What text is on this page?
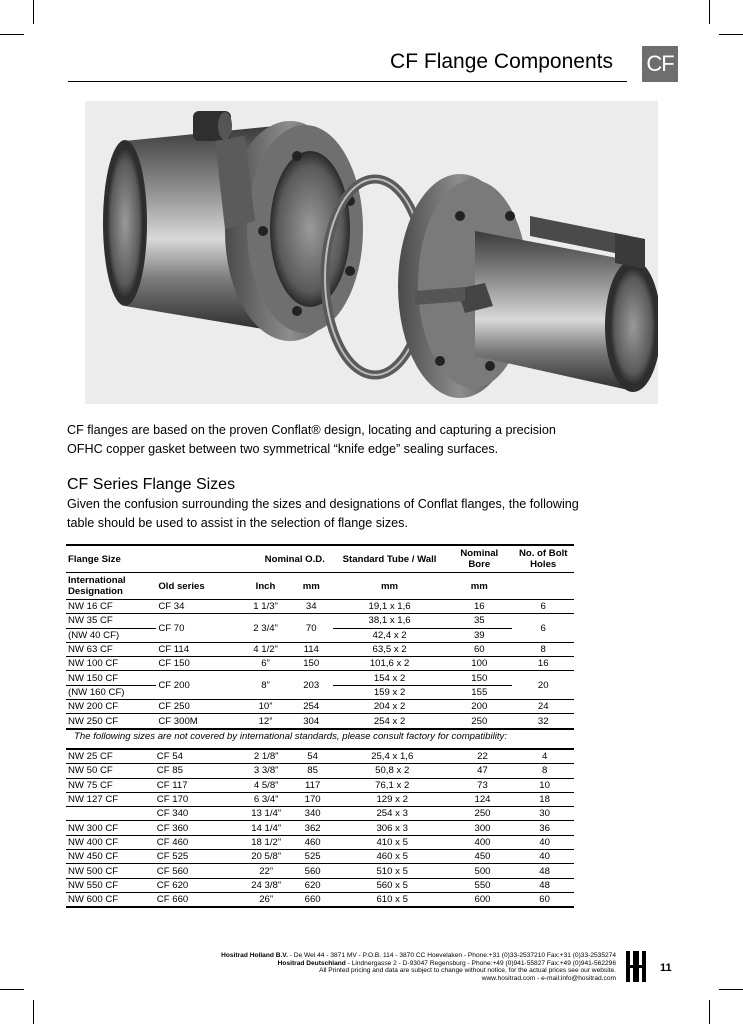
CF Flange Components CF
CF flanges are based on the proven Conflat® design, locating and capturing a precision
OFHC copper gasket between two symmetrical “knife edge” sealing surfaces.
CF Series Flange Sizes
Given the confusion surrounding the sizes and designations of Conflat flanges, the following
table should be used to assist in the selection of flange sizes.
Flange Size		Nominal O.D.		Standard Tube / Wall	Nominal Bore	No. of Bolt Holes

International Designation	Old series	Inch	mm	mm	mm	
NW 16 CF	CF 34	1 1/3”	34	19,1 x 1,6	16	6
NW 35 CF	CF 70	2 3/4”	70	38,1 x 1,6	35	6
(NW 40 CF)				42,4 x 2	39	
NW 63 CF	CF 114	4 1/2”	114	63,5 x 2	60	8
NW 100 CF	CF 150	6”	150	101,6 x 2	100	16
NW 150 CF	CF 200	8”	203	154 x 2	150	20
(NW 160 CF)				159 x 2	155	
NW 200 CF	CF 250	10”	254	204 x 2	200	24
NW 250 CF	CF 300M	12”	304	254 x 2	250	32
The following sizes are not covered by international standards, please consult factory for compatibility:
NW 25 CF	CF 54	2 1/8”	54	25,4 x 1,6	22	4
NW 50 CF	CF 85	3 3/8”	85	50,8 x 2	47	8
NW 75 CF	CF 117	4 5/8”	117	76,1 x 2	73	10
NW 127 CF	CF 170	6 3/4”	170	129 x 2	124	18
	CF 340	13 1/4”	340	254 x 3	250	30
NW 300 CF	CF 360	14 1/4”	362	306 x 3	300	36
NW 400 CF	CF 460	18 1/2”	460	410 x 5	400	40
NW 450 CF	CF 525	20 5/8”	525	460 x 5	450	40
NW 500 CF	CF 560	22”	560	510 x 5	500	48
NW 550 CF	CF 620	24 3/8”	620	560 x 5	550	48
NW 600 CF	CF 660	26”	660	610 x 5	600	60
Hositrad Holland B.V. - De Wel 44 - 3871 MV - P.O.B. 114 - 3870 CC Hoevelaken - Phone:+31 (0)33-2537210 Fax:+31 (0)33-2535274
Hositrad Deutschland - Lindnergasse 2 - D-93047 Regensburg - Phone:+49 (0)941-55827 Fax:+49 (0)941-562296
All Printed pricing and data are subject to change without notice, for the actual prices see our website.
www.hositrad.com - e-mail:info@hositrad.com
11
